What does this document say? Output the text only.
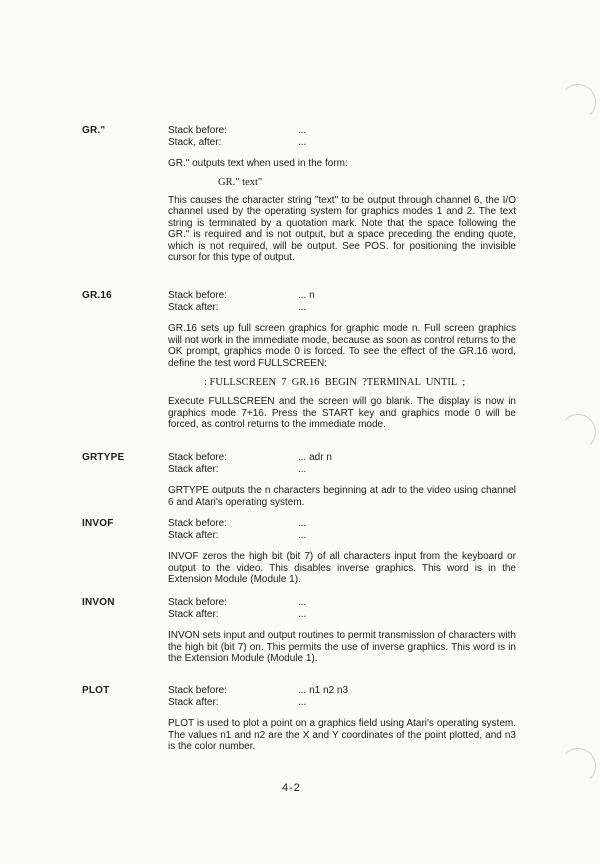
GR."	Stack before:	...
Stack, after:	...
GR." outputs text when used in the form:
GR." text"
This causes the character string "text" to be output through channel 6, the I/O channel used by the operating system for graphics modes 1 and 2. The text string is terminated by a quotation mark. Note that the space following the GR." is required and is not output, but a space preceding the ending quote, which is not required, will be output. See POS. for positioning the invisible cursor for this type of output.
GR.16	Stack before:	... n
Stack after:	...
GR.16 sets up full screen graphics for graphic mode n. Full screen graphics will not work in the immediate mode, because as soon as control returns to the OK prompt, graphics mode 0 is forced. To see the effect of the GR.16 word, define the test word FULLSCREEN:
: FULLSCREEN  7  GR.16  BEGIN  ?TERMINAL  UNTIL  ;
Execute FULLSCREEN and the screen will go blank. The display is now in graphics mode 7+16. Press the START key and graphics mode 0 will be forced, as control returns to the immediate mode.
GRTYPE	Stack before:	... adr n
Stack after:	...
GRTYPE outputs the n characters beginning at adr to the video using channel 6 and Atari's operating system.
INVOF	Stack before:	...
Stack after:	...
INVOF zeros the high bit (bit 7) of all characters input from the keyboard or output to the video. This disables inverse graphics. This word is in the Extension Module (Module 1).
INVON	Stack before:	...
Stack after:	...
INVON sets input and output routines to permit transmission of characters with the high bit (bit 7) on. This permits the use of inverse graphics. This word is in the Extension Module (Module 1).
PLOT	Stack before:	... n1 n2 n3
Stack after:	...
PLOT is used to plot a point on a graphics field using Atari's operating system. The values n1 and n2 are the X and Y coordinates of the point plotted, and n3 is the color number.
4-2
